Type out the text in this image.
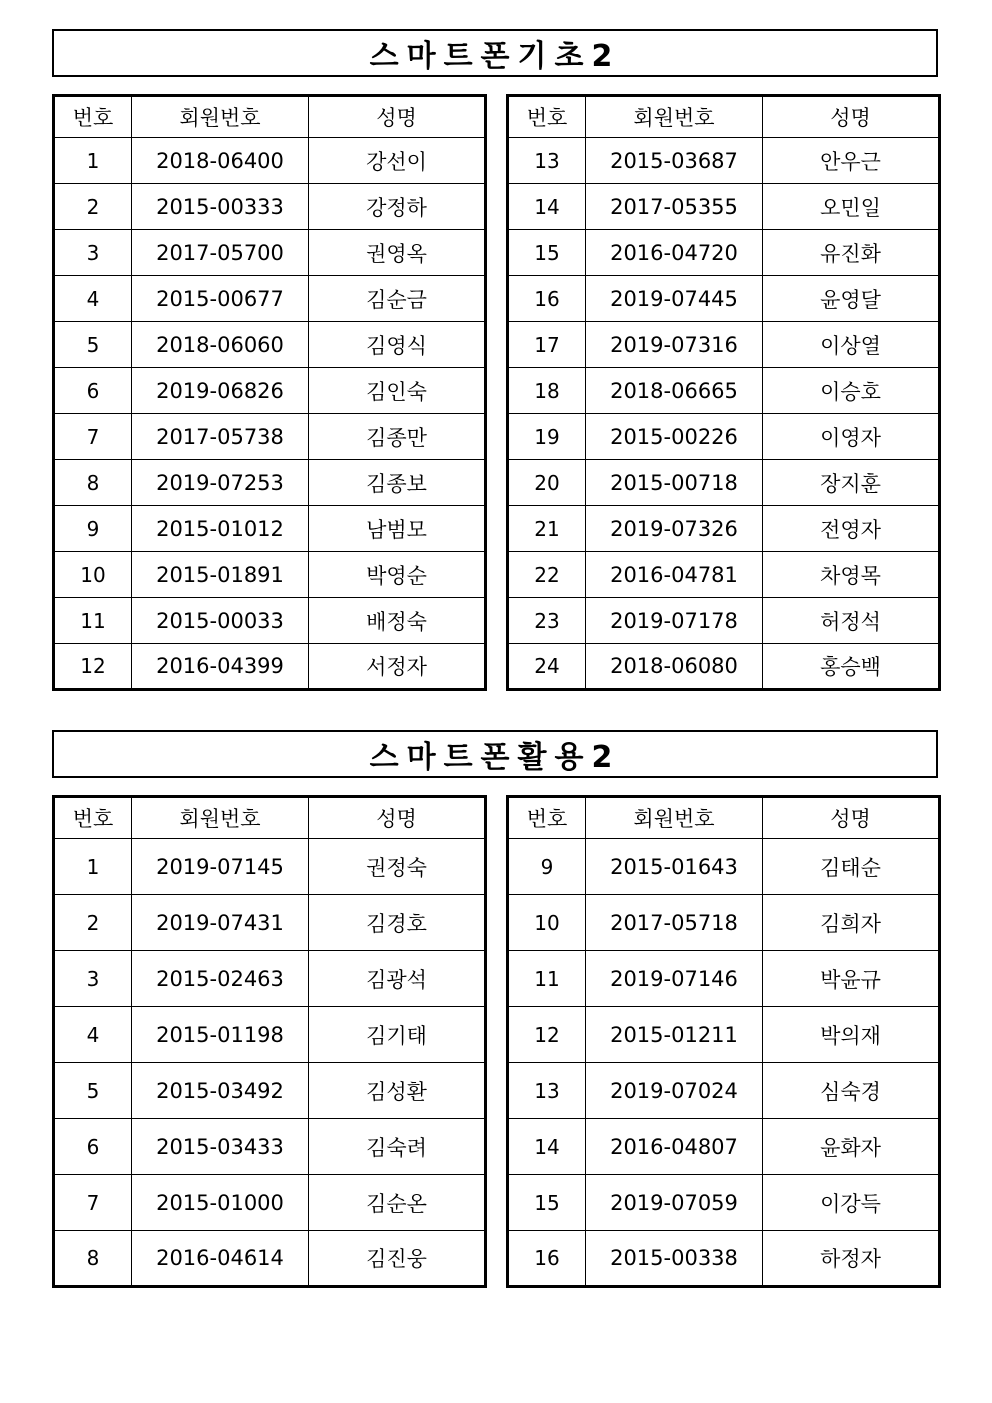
스마트폰기초2
번호	회원번호	성명
1	2018-06400	강선이
2	2015-00333	강정하
3	2017-05700	권영옥
4	2015-00677	김순금
5	2018-06060	김영식
6	2019-06826	김인숙
7	2017-05738	김종만
8	2019-07253	김종보
9	2015-01012	남범모
10	2015-01891	박영순
11	2015-00033	배정숙
12	2016-04399	서정자
번호	회원번호	성명
13	2015-03687	안우근
14	2017-05355	오민일
15	2016-04720	유진화
16	2019-07445	윤영달
17	2019-07316	이상열
18	2018-06665	이승호
19	2015-00226	이영자
20	2015-00718	장지훈
21	2019-07326	전영자
22	2016-04781	차영목
23	2019-07178	허정석
24	2018-06080	홍승백
스마트폰활용2
번호	회원번호	성명
1	2019-07145	권정숙
2	2019-07431	김경호
3	2015-02463	김광석
4	2015-01198	김기태
5	2015-03492	김성환
6	2015-03433	김숙려
7	2015-01000	김순온
8	2016-04614	김진웅
번호	회원번호	성명
9	2015-01643	김태순
10	2017-05718	김희자
11	2019-07146	박윤규
12	2015-01211	박의재
13	2019-07024	심숙경
14	2016-04807	윤화자
15	2019-07059	이강득
16	2015-00338	하정자
